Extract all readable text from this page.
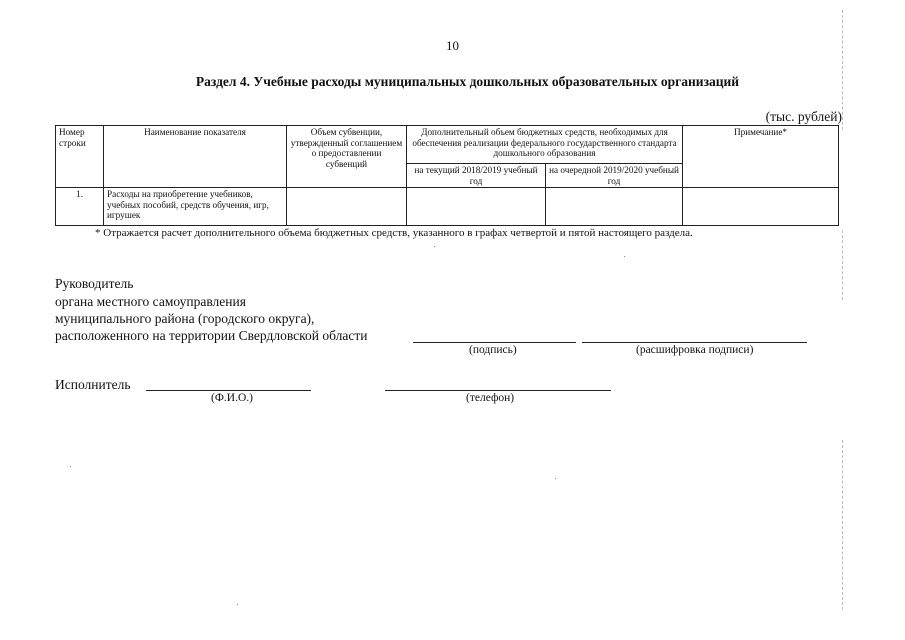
10
Раздел 4. Учебные расходы муниципальных дошкольных образовательных организаций
(тыс. рублей)
Номер строки	Наименование показателя	Объем субвенции, утвержденный соглашением о предоставлении субвенций	Дополнительный объем бюджетных средств, необходимых для обеспечения реализации федерального государственного стандарта дошкольного образования		Примечание*
			на текущий 2018/2019 учебный год	на очередной 2019/2020 учебный год	
1.	Расходы на приобретение учебников, учебных пособий, средств обучения, игр, игрушек				
* Отражается расчет дополнительного объема бюджетных средств, указанного в графах четвертой и пятой настоящего раздела.
Руководитель
органа местного самоуправления
муниципального района (городского округа),
расположенного на территории Свердловской области
(подпись)	(расшифровка подписи)
Исполнитель
(Ф.И.О.)	(телефон)
